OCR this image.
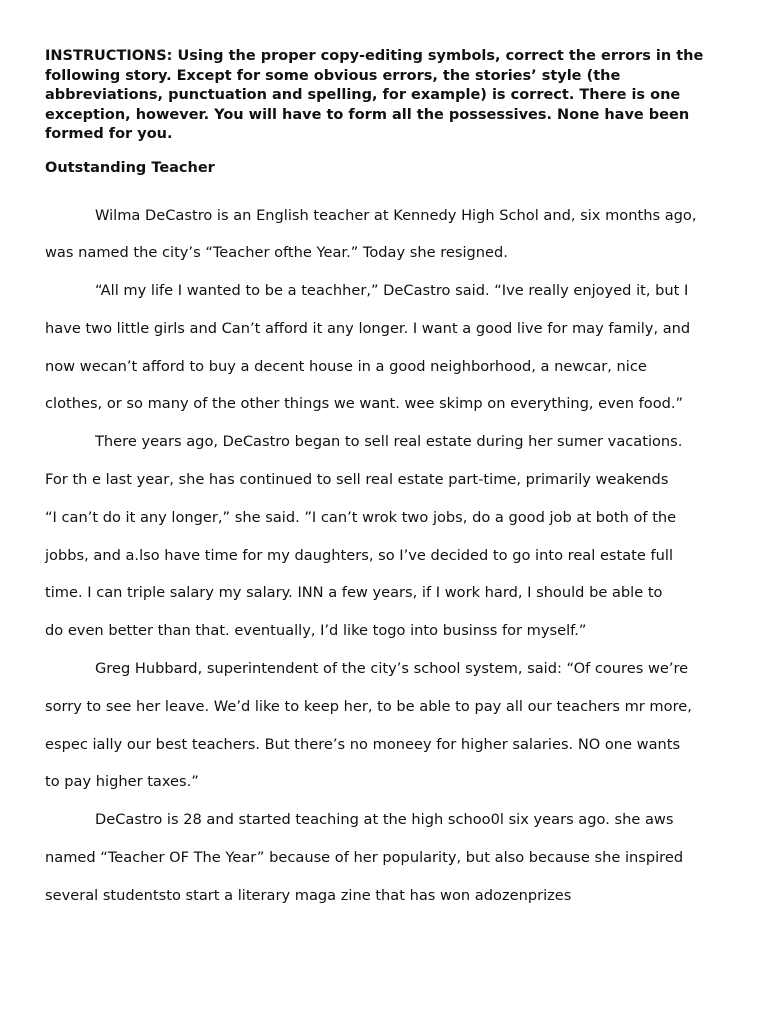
INSTRUCTIONS: Using the proper copy-editing symbols, correct the errors in the following story. Except for some obvious errors, the stories’ style (the abbreviations, punctuation and spelling, for example) is correct. There is one exception, however. You will have to form all the possessives. None have been formed for you.

Outstanding Teacher

Wilma DeCastro is an English teacher at Kennedy High Schol and, six months ago,
was named the city’s “Teacher ofthe Year.” Today she resigned.
“All my life I wanted to be a teachher,” DeCastro said. “Ive really enjoyed it, but I
have two little girls and Can’t afford it any longer. I want a good live for may family, and
now wecan’t afford to buy a decent house in a good neighborhood, a newcar, nice
clothes, or so many of the other things we want. wee skimp on everything, even food.”
There years ago, DeCastro began to sell real estate during her sumer vacations.
For th e last year, she has continued to sell real estate part-time, primarily weakends
“I can’t do it any longer,” she said. ”I can’t wrok two jobs, do a good job at both of the
jobbs, and a.lso have time for my daughters, so I’ve decided to go into real estate full
time. I can triple salary my salary. INN a few years, if I work hard, I should be able to
do even better than that. eventually, I’d like togo into businss for myself.”
Greg Hubbard, superintendent of the city’s school system, said: “Of coures we’re
sorry to see her leave. We’d like to keep her, to be able to pay all our teachers mr more,
espec ially our best teachers. But there’s no moneey for higher salaries. NO one wants
to pay higher taxes.”
DeCastro is 28 and started teaching at the high schoo0l six years ago. she aws
named “Teacher OF The Year” because of her popularity, but also because she inspired
several studentsto start a literary maga zine that has won adozenprizes
